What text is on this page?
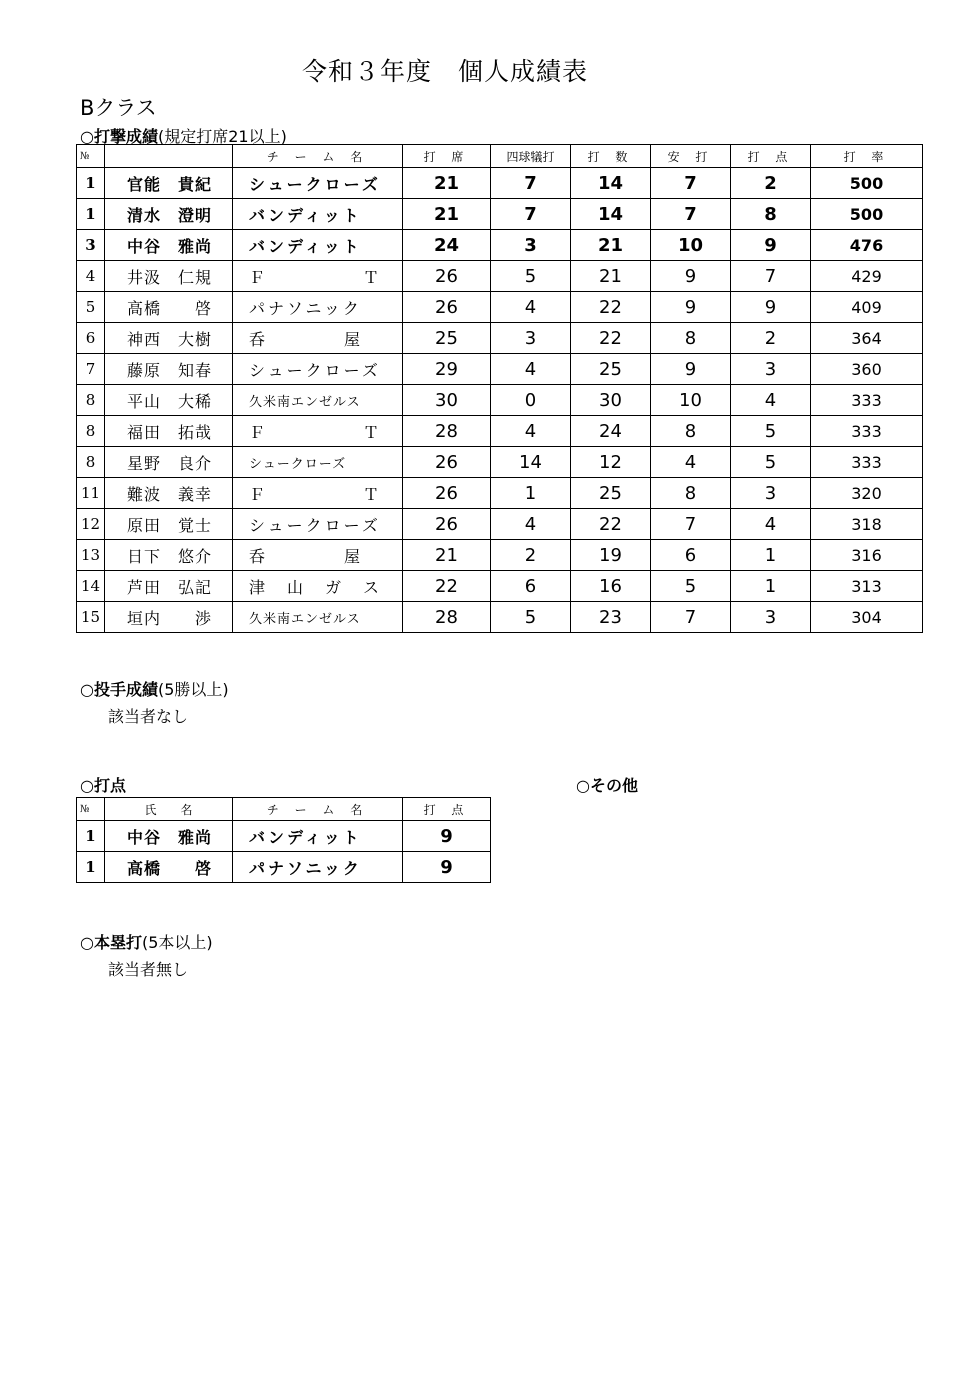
令和３年度　個人成績表
Bクラス
○打撃成績(規定打席21以上)
№		チ ー ム 名	打 席	四球犠打	打 数	安 打	打 点	打 率
1	官能　貴紀	シュークローズ	21	7	14	7	2	500
1	清水　澄明	バンディット	21	7	14	7	8	500
3	中谷　雅尚	バンディット	24	3	21	10	9	476
4	井汲　仁規	Ｆ　　　　　Ｔ	26	5	21	9	7	429
5	高橋　　啓	パナソニック	26	4	22	9	9	409
6	神西　大樹	呑　　　　屋	25	3	22	8	2	364
7	藤原　知春	シュークローズ	29	4	25	9	3	360
8	平山　大稀	久米南エンゼルス	30	0	30	10	4	333
8	福田　拓哉	Ｆ　　　　　Ｔ	28	4	24	8	5	333
8	星野　良介	シュークローズ	26	14	12	4	5	333
11	難波　義幸	Ｆ　　　　　Ｔ	26	1	25	8	3	320
12	原田　覚士	シュークローズ	26	4	22	7	4	318
13	日下　悠介	呑　　　　屋	21	2	19	6	1	316
14	芦田　弘記	津　山　ガ　ス	22	6	16	5	1	313
15	垣内　　渉	久米南エンゼルス	28	5	23	7	3	304
○投手成績(5勝以上)
該当者なし
○打点	○その他
№	氏　　名	チ ー ム 名	打 点
1	中谷　雅尚	バンディット	9
1	高橋　　啓	パナソニック	9
○本塁打(5本以上)
該当者無し
